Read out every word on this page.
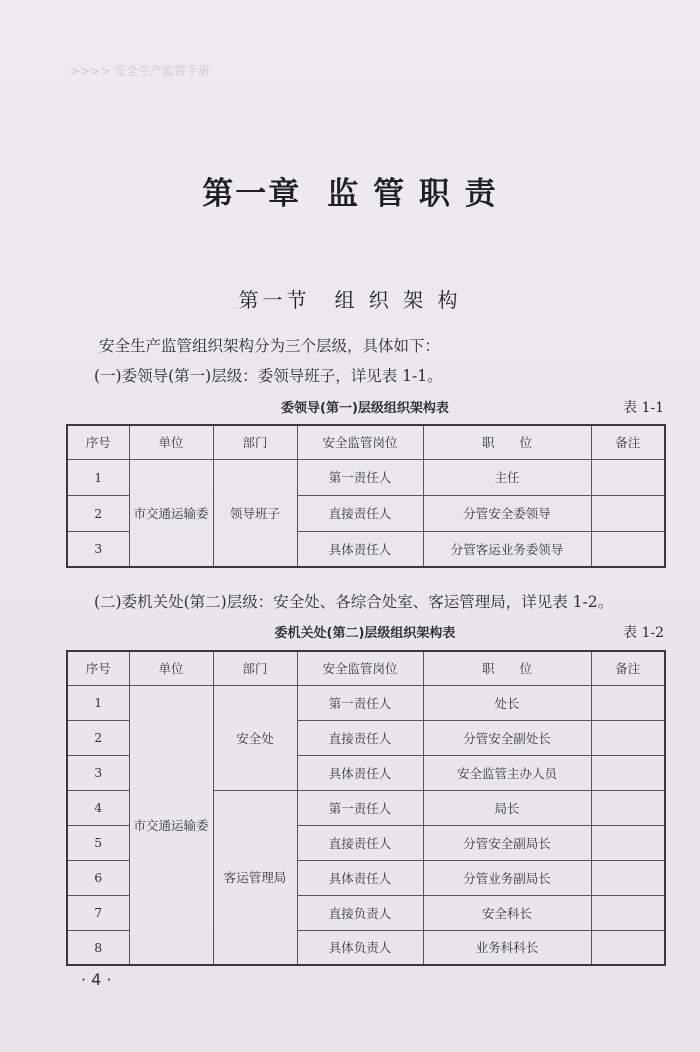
>>>> 安全生产监管手册
第一章 监 管 职 责
第一节　组 织 架 构
安全生产监管组织架构分为三个层级，具体如下：
(一)委领导(第一)层级：委领导班子，详见表 1-1。
委领导(第一)层级组织架构表	表 1-1
序号	单位	部门	安全监管岗位	职　　位	备注
1	市交通运输委	领导班子	第一责任人	主任	
2			直接责任人	分管安全委领导	
3			具体责任人	分管客运业务委领导	
(二)委机关处(第二)层级：安全处、各综合处室、客运管理局，详见表 1-2。
委机关处(第二)层级组织架构表	表 1-2
序号	单位	部门	安全监管岗位	职　　位	备注
1	市交通运输委	安全处	第一责任人	处长	
2			直接责任人	分管安全副处长	
3			具体责任人	安全监管主办人员	
4		客运管理局	第一责任人	局长	
5			直接责任人	分管安全副局长	
6			具体责任人	分管业务副局长	
7			直接负责人	安全科长	
8			具体负责人	业务科科长	
· 4 ·
